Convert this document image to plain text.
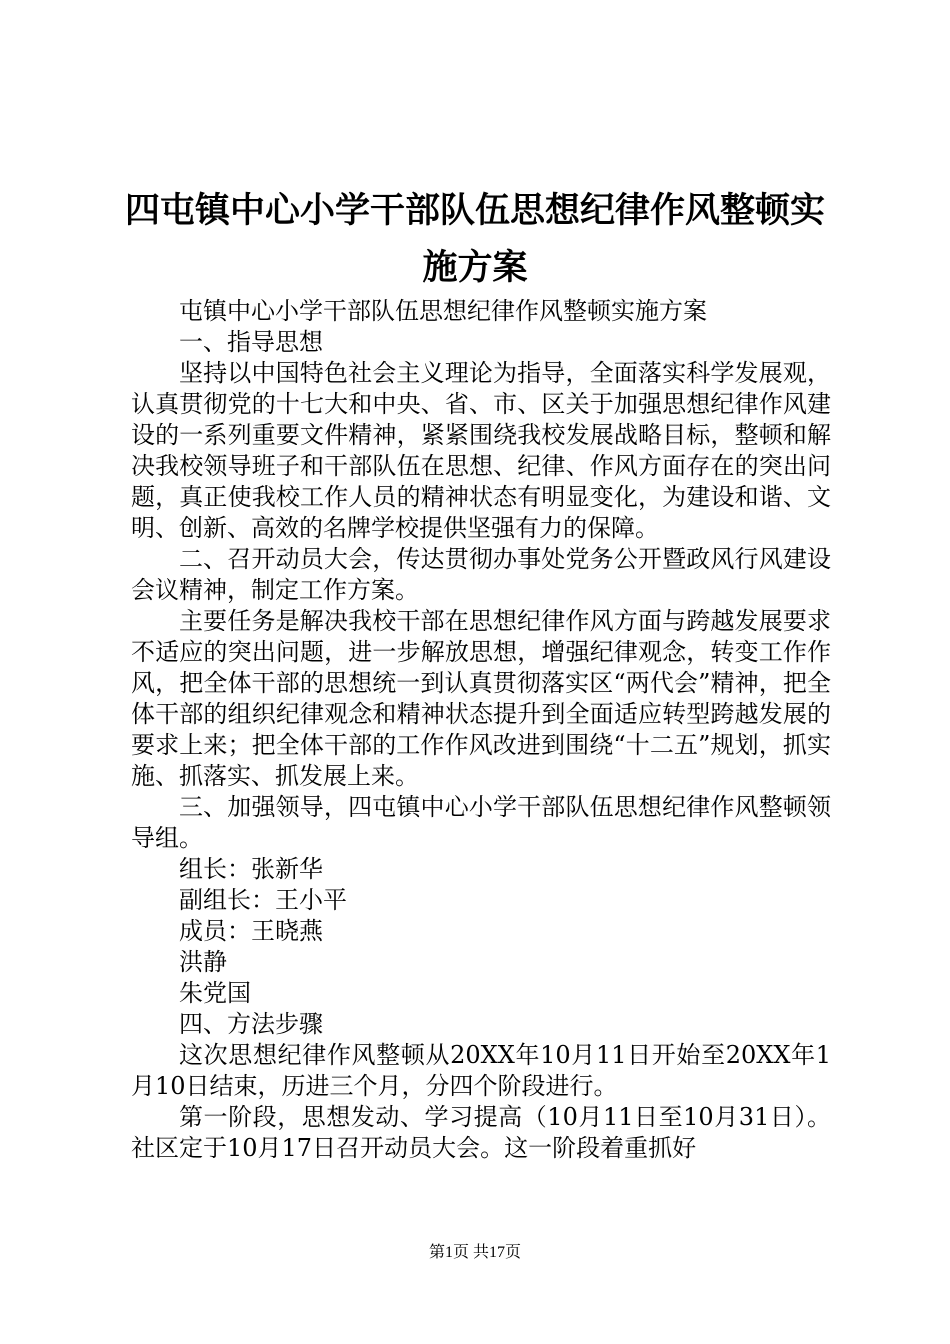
四屯镇中心小学干部队伍思想纪律作风整顿实
施方案

屯镇中心小学干部队伍思想纪律作风整顿实施方案

一、指导思想

坚持以中国特色社会主义理论为指导，全面落实科学发展观，认真贯彻党的十七大和中央、省、市、区关于加强思想纪律作风建设的一系列重要文件精神，紧紧围绕我校发展战略目标，整顿和解决我校领导班子和干部队伍在思想、纪律、作风方面存在的突出问题，真正使我校工作人员的精神状态有明显变化，为建设和谐、文明、创新、高效的名牌学校提供坚强有力的保障。

二、召开动员大会，传达贯彻办事处党务公开暨政风行风建设会议精神，制定工作方案。

主要任务是解决我校干部在思想纪律作风方面与跨越发展要求不适应的突出问题，进一步解放思想，增强纪律观念，转变工作作风，把全体干部的思想统一到认真贯彻落实区“两代会”精神，把全体干部的组织纪律观念和精神状态提升到全面适应转型跨越发展的要求上来；把全体干部的工作作风改进到围绕“十二五”规划，抓实施、抓落实、抓发展上来。

三、加强领导，四屯镇中心小学干部队伍思想纪律作风整顿领导组。

组长：张新华

副组长：王小平

成员：王晓燕

洪静

朱党国

四、方法步骤

这次思想纪律作风整顿从20XX年10月11日开始至20XX年1月10日结束，历进三个月，分四个阶段进行。

第一阶段，思想发动、学习提高（10月11日至10月31日）。社区定于10月17日召开动员大会。这一阶段着重抓好

第1页 共17页
